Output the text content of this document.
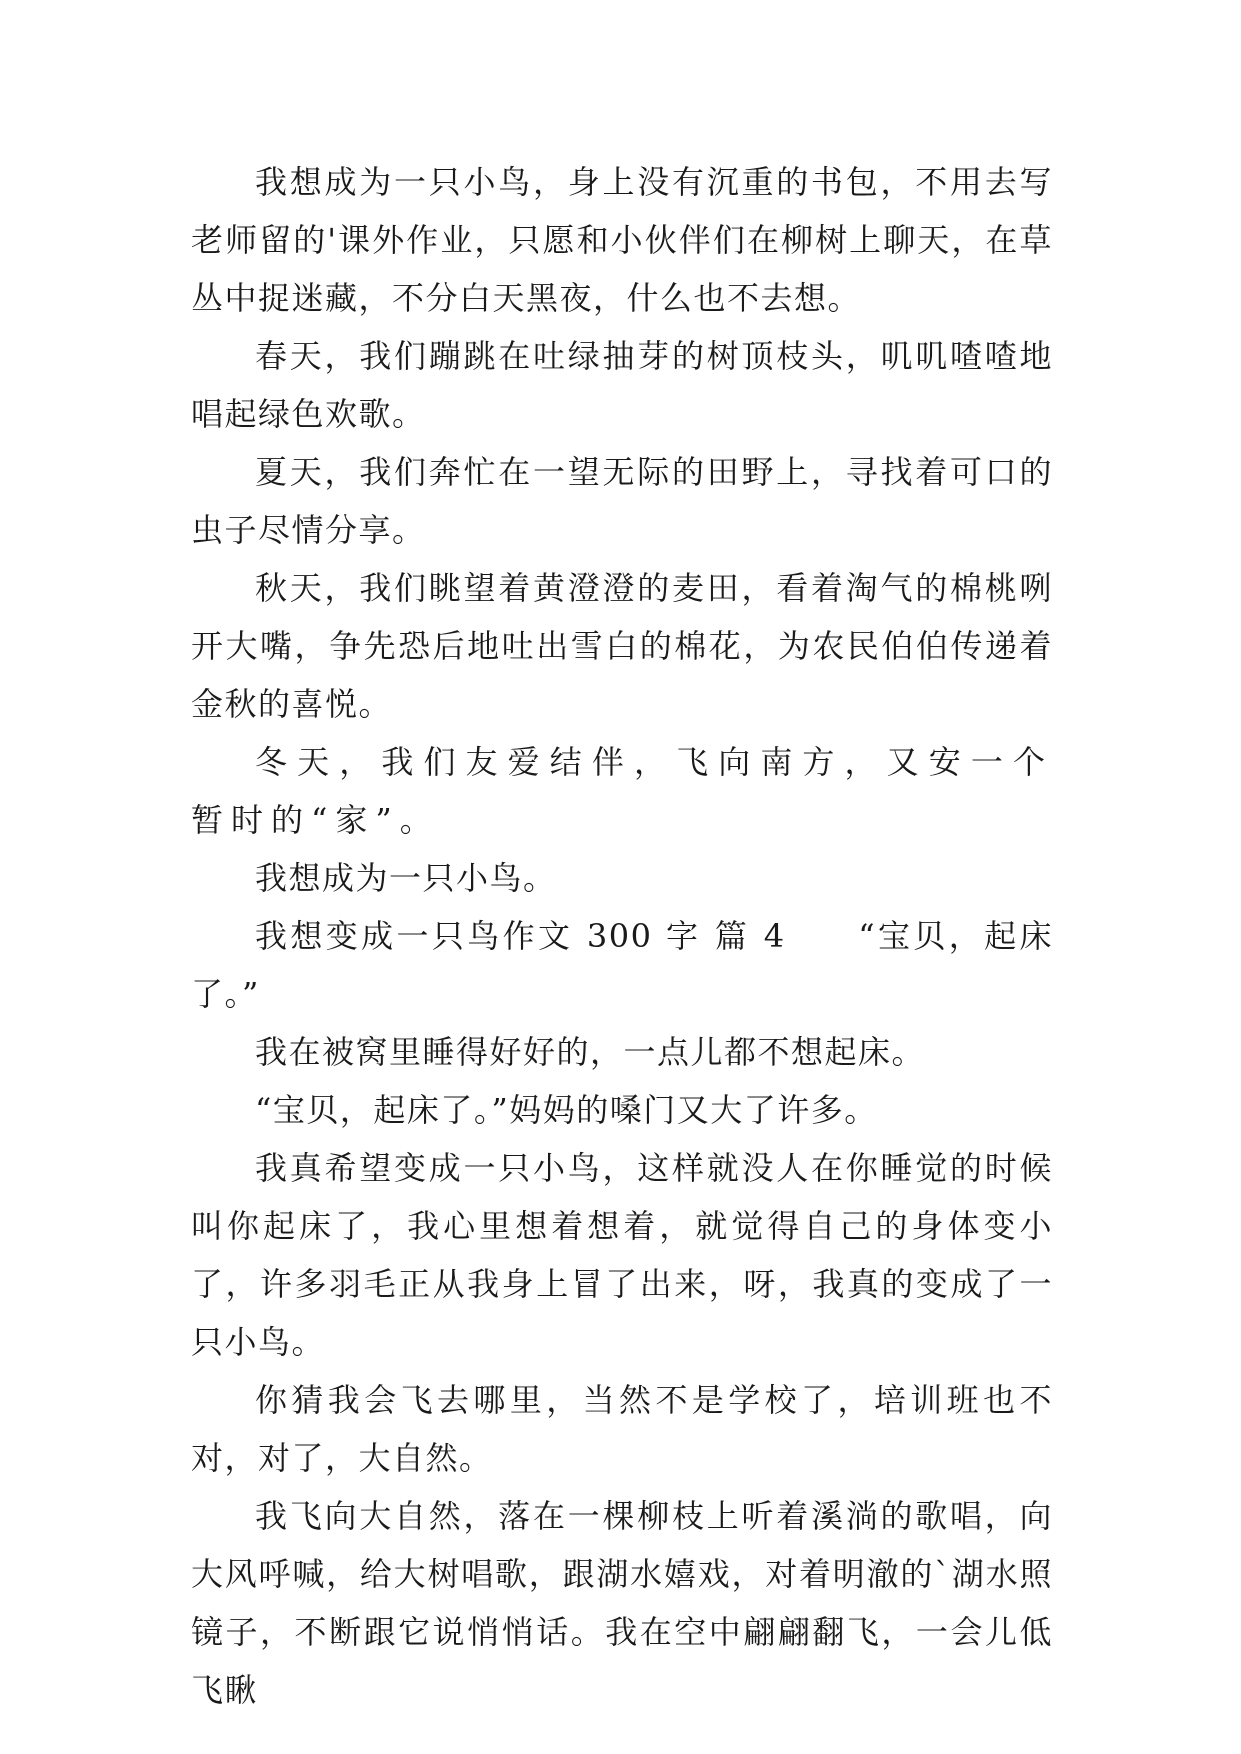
我想成为一只小鸟，身上没有沉重的书包，不用去写老师留的'课外作业，只愿和小伙伴们在柳树上聊天，在草丛中捉迷藏，不分白天黑夜，什么也不去想。

春天，我们蹦跳在吐绿抽芽的树顶枝头，叽叽喳喳地唱起绿色欢歌。

夏天，我们奔忙在一望无际的田野上，寻找着可口的虫子尽情分享。

秋天，我们眺望着黄澄澄的麦田，看着淘气的棉桃咧开大嘴，争先恐后地吐出雪白的棉花，为农民伯伯传递着金秋的喜悦。

冬天，我们友爱结伴，飞向南方，又安一个暂时的“家”。

我想成为一只小鸟。

我想变成一只鸟作文 300 字 篇 4　　“宝贝，起床了。”

我在被窝里睡得好好的，一点儿都不想起床。

“宝贝，起床了。”妈妈的嗓门又大了许多。

我真希望变成一只小鸟，这样就没人在你睡觉的时候叫你起床了，我心里想着想着，就觉得自己的身体变小了，许多羽毛正从我身上冒了出来，呀，我真的变成了一只小鸟。

你猜我会飞去哪里，当然不是学校了，培训班也不对，对了，大自然。

我飞向大自然，落在一棵柳枝上听着溪淌的歌唱，向大风呼喊，给大树唱歌，跟湖水嬉戏，对着明澈的`湖水照镜子，不断跟它说悄悄话。我在空中翩翩翻飞，一会儿低飞瞅
